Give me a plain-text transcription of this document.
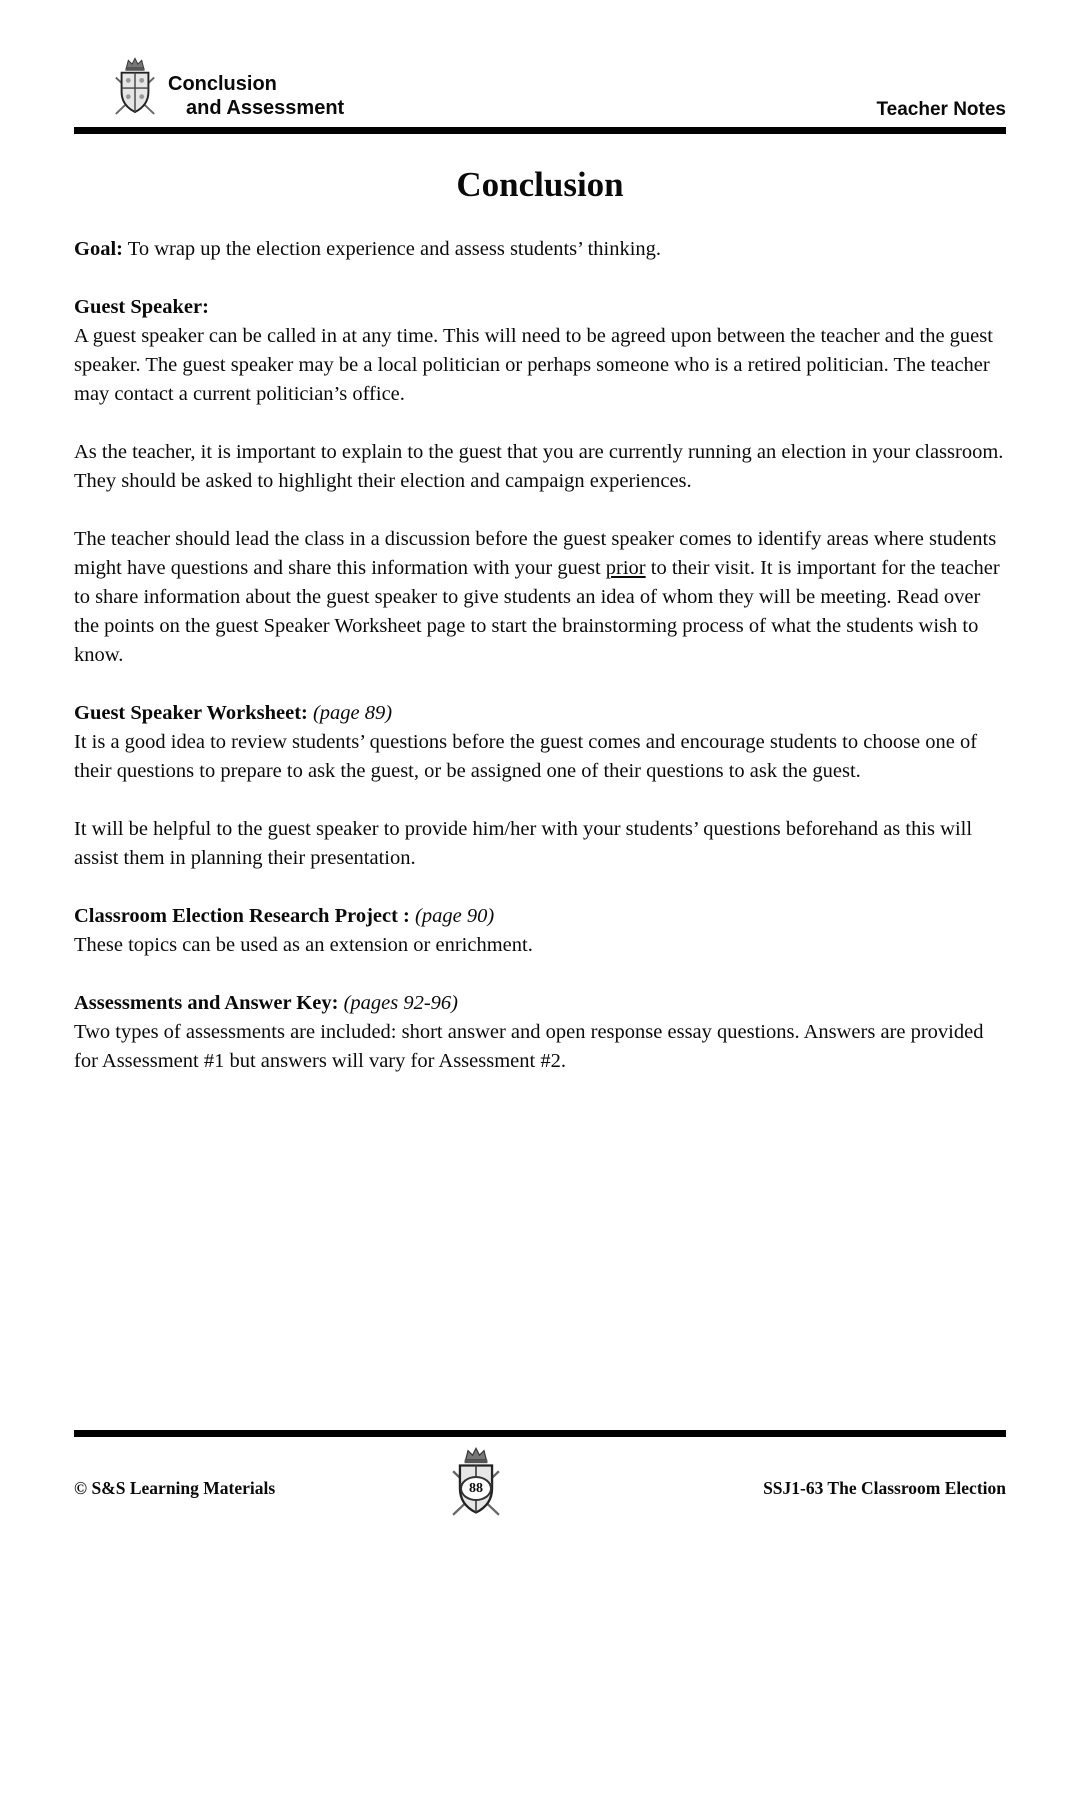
Conclusion
and Assessment	Teacher Notes
Conclusion

Goal: To wrap up the election experience and assess students’ thinking.

Guest Speaker:

A guest speaker can be called in at any time. This will need to be agreed upon between the teacher and the guest speaker. The guest speaker may be a local politician or perhaps someone who is a retired politician. The teacher may contact a current politician’s office.

As the teacher, it is important to explain to the guest that you are currently running an election in your classroom. They should be asked to highlight their election and campaign experiences.

The teacher should lead the class in a discussion before the guest speaker comes to identify areas where students might have questions and share this information with your guest prior to their visit. It is important for the teacher to share information about the guest speaker to give students an idea of whom they will be meeting. Read over the points on the guest Speaker Worksheet page to start the brainstorming process of what the students wish to know.

Guest Speaker Worksheet: (page 89)

It is a good idea to review students’ questions before the guest comes and encourage students to choose one of their questions to prepare to ask the guest, or be assigned one of their questions to ask the guest.

It will be helpful to the guest speaker to provide him/her with your students’ questions beforehand as this will assist them in planning their presentation.

Classroom Election Research Project : (page 90)

These topics can be used as an extension or enrichment.

Assessments and Answer Key: (pages 92-96)

Two types of assessments are included: short answer and open response essay questions. Answers are provided for Assessment #1 but answers will vary for Assessment #2.

© S&S Learning Materials	88	SSJ1-63 The Classroom Election
